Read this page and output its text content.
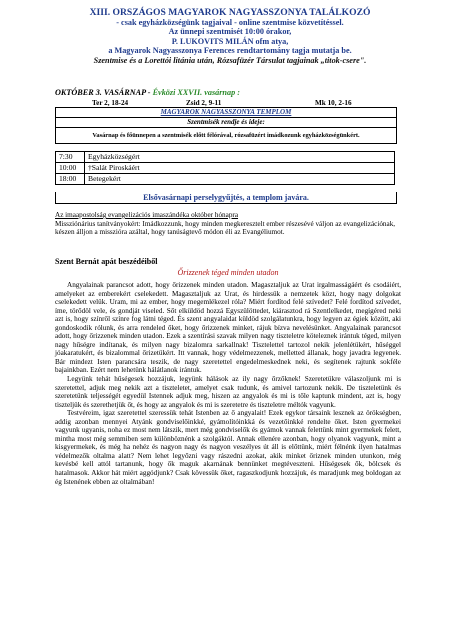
XIII. ORSZÁGOS MAGYAROK NAGYASSZONYA TALÁLKOZÓ
- csak egyházközségünk tagjaival - online szentmise közvetítéssel.
Az ünnepi szentmisét 10:00 órakor,
P. LUKOVITS MILÁN ofm atya,
a Magyarok Nagyasszonya Ferences rendtartomány tagja mutatja be.
Szentmise és a Lorettói litánia után, Rózsafüzér Társulat tagjainak „titok-csere".
OKTÓBER 3. VASÁRNAP - Évközi XXVII. vasárnap :
Ter 2, 18-24	Zsid 2, 9-11	Mk 10, 2-16
MAGYAROK NAGYASSZONYA TEMPLOM
Szentmisék rendje és ideje:
Vasárnap és főünnepen a szentmisék előtt félórával, rózsafüzért imádkozunk egyházközségünkért.
7:30	Egyházközségért
10:00	†Salát Piroskáért
18:00	Betegekért
Elsővasárnapi perselygyűjtés, a templom javára.
Az imaapostolság evangelizációs imaszándéka október hónapra
Missziónárius tanítványokért: Imádkozzunk, hogy minden megkeresztelt ember részesévé váljon az evangelizációnak, készen álljon a misszióra azáltal, hogy tanúságtevő módon éli az Evangéliumot.
Szent Bernát apát beszédéiből
Őrizzenek téged minden utadon

Angyalainak parancsot adott, hogy őrizzenek minden utadon. Magasztaljuk az Urat irgalmasságáért és csodáiért, amelyeket az emberekért cselekedett. Magasztaljuk az Urat, és hirdessük a nemzetek közt, hogy nagy dolgokat cselekedett velük. Uram, mi az ember, hogy megemlékezel róla? Miért fordítod felé szívedet? Felé fordítod szívedet, íme, törődöl vele, és gondját viseled. Sőt elküldöd hozzá Egyszülöttedet, kiárasztod rá Szentlelkedet, megígéred neki azt is, hogy színről színre fog látni téged. És szent angyalaidat küldöd szolgálatunkra, hogy legyen az égiek között, aki gondoskodik rólunk, és arra rendeled őket, hogy őrizzenek minket, rájuk bízva nevelésünket. Angyalainak parancsot adott, hogy őrizzenek minden utadon. Ezek a szentírási szavak milyen nagy tiszteletre köteleznek irántuk téged, milyen nagy hűségre indítanak, és milyen nagy bizalomra sarkallnak! Tisztelettel tartozol nekik jelenlétükért, hűséggel jóakaratukért, és bizalommal őrizetükért. Itt vannak, hogy védelmezzenek, melletted állanak, hogy javadra legyenek. Bár mindezt Isten parancsára teszik, de nagy szeretettel engedelmeskednek neki, és segítenek rajtunk sokféle bajainkban. Ezért nem lehetünk hálátlanok irántuk.

Legyünk tehát hűségesek hozzájuk, legyünk hálások az ily nagy őrzőknek! Szeretetükre válaszoljunk mi is szeretettel, adjuk meg nekik azt a tiszteletet, amelyet csak tudunk, és amivel tartozunk nekik. De tiszteletünk és szeretetünk teljességét egyedül Istennek adjuk meg, hiszen az angyalok és mi is tőle kaptunk mindent, azt is, hogy tiszteljük és szerethetjük őt, és hogy az angyalok és mi is szeretetre és tiszteletre méltók vagyunk.

Testvéreim, igaz szeretettel szeressük tehát Istenben az ő angyalait! Ezek egykor társaink lesznek az örökségben, addig azonban mennyei Atyánk gondviselőinkké, gyámolítóinkká és vezetőinkké rendelte őket. Isten gyermekei vagyunk ugyanis, noha ez most nem látszik, mert még gondviselők és gyámok vannak felettünk mint gyermekek felett, mintha most még semmiben sem különböznénk a szolgáktól. Annak ellenére azonban, hogy olyanok vagyunk, mint a kisgyermekek, és még ha nehéz és nagyon nagy és nagyon veszélyes út áll is előttünk, miért félnénk ilyen hatalmas védelmezők oltalma alatt? Nem lehet legyőzni vagy rászedni azokat, akik minket őriznek minden utunkon, még kevésbé kell attól tartanunk, hogy ők maguk akarnának bennünket megtéveszteni. Hűségesek ők, bölcsek és hatalmasok. Akkor hát miért aggódjunk? Csak kövessük őket, ragaszkodjunk hozzájuk, és maradjunk meg boldogan az ég Istenének ebben az oltalmában!
